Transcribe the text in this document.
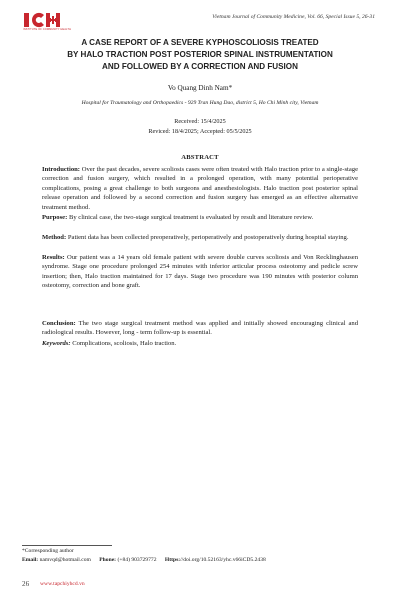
INSTITUTE OF COMMUNITY HEALTH
Vietnam Journal of Community Medicine, Vol. 66, Special Issue 5, 26-31
A CASE REPORT OF A SEVERE KYPHOSCOLIOSIS TREATED
BY HALO TRACTION POST POSTERIOR SPINAL INSTRUMENTATION
AND FOLLOWED BY A CORRECTION AND FUSION
Vo Quang Dinh Nam*
Hospital for Traumatology and Orthopaedics - 929 Tran Hung Dao, district 5, Ho Chi Minh city, Vietnam
Received: 15/4/2025
Reviced: 18/4/2025; Accepted: 05/5/2025
ABSTRACT
Introduction: Over the past decades, severe scoliosis cases were often treated with Halo traction prior to a single-stage correction and fusion surgery, which resulted in a prolonged operation, with many potential perioperative complications, posing a great challenge to both surgeons and anesthesiologists. Halo traction post posterior spinal release operation and followed by a second correction and fusion surgery has emerged as an effective alternative treatment method.
Purpose: By clinical case, the two-stage surgical treatment is evaluated by result and literature review.
Method: Patient data has been collected preoperatively, perioperatively and postoperatively during hospital staying.
Results: Our patient was a 14 years old female patient with severe double curves scoliosis and Von Recklinghausen syndrome. Stage one procedure prolonged 254 minutes with inferior articular process osteotomy and pedicle screw insertion; then, Halo traction maintained for 17 days. Stage two procedure was 190 minutes with posterior column osteotomy, correction and bone graft.
Conclusion: The two stage surgical treatment method was applied and initially showed encouraging clinical and radiological results. However, long - term follow-up is essential.
Keywords: Complications, scoliosis, Halo traction.
*Corresponding author
Email: namvqd@hotmail.com Phone: (+84) 903729772 Https://doi.org/10.52163/yhc.v66iCD5.2438
26 www.tapchiyhcd.vn
